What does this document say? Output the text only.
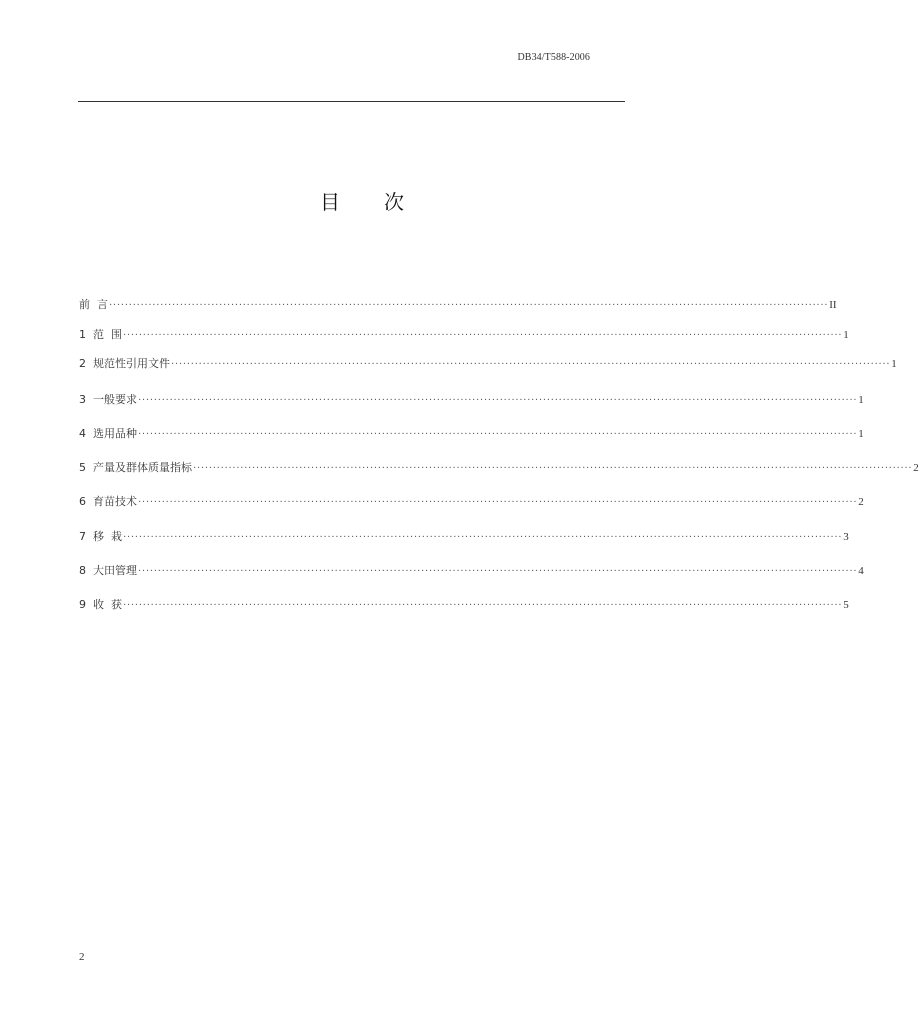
DB34/T588-2006
目 次
前  言 ······················································································································································································· II
1  范  围 ······················································································································································································· 1
2  规范性引用文件 ······················································································································································································· 1
3  一般要求 ······················································································································································································· 1
4  选用品种 ······················································································································································································· 1
5  产量及群体质量指标 ······················································································································································································· 2
6  育苗技术 ······················································································································································································· 2
7  移  栽 ······················································································································································································· 3
8  大田管理 ······················································································································································································· 4
9  收  获 ······················································································································································································· 5
2
